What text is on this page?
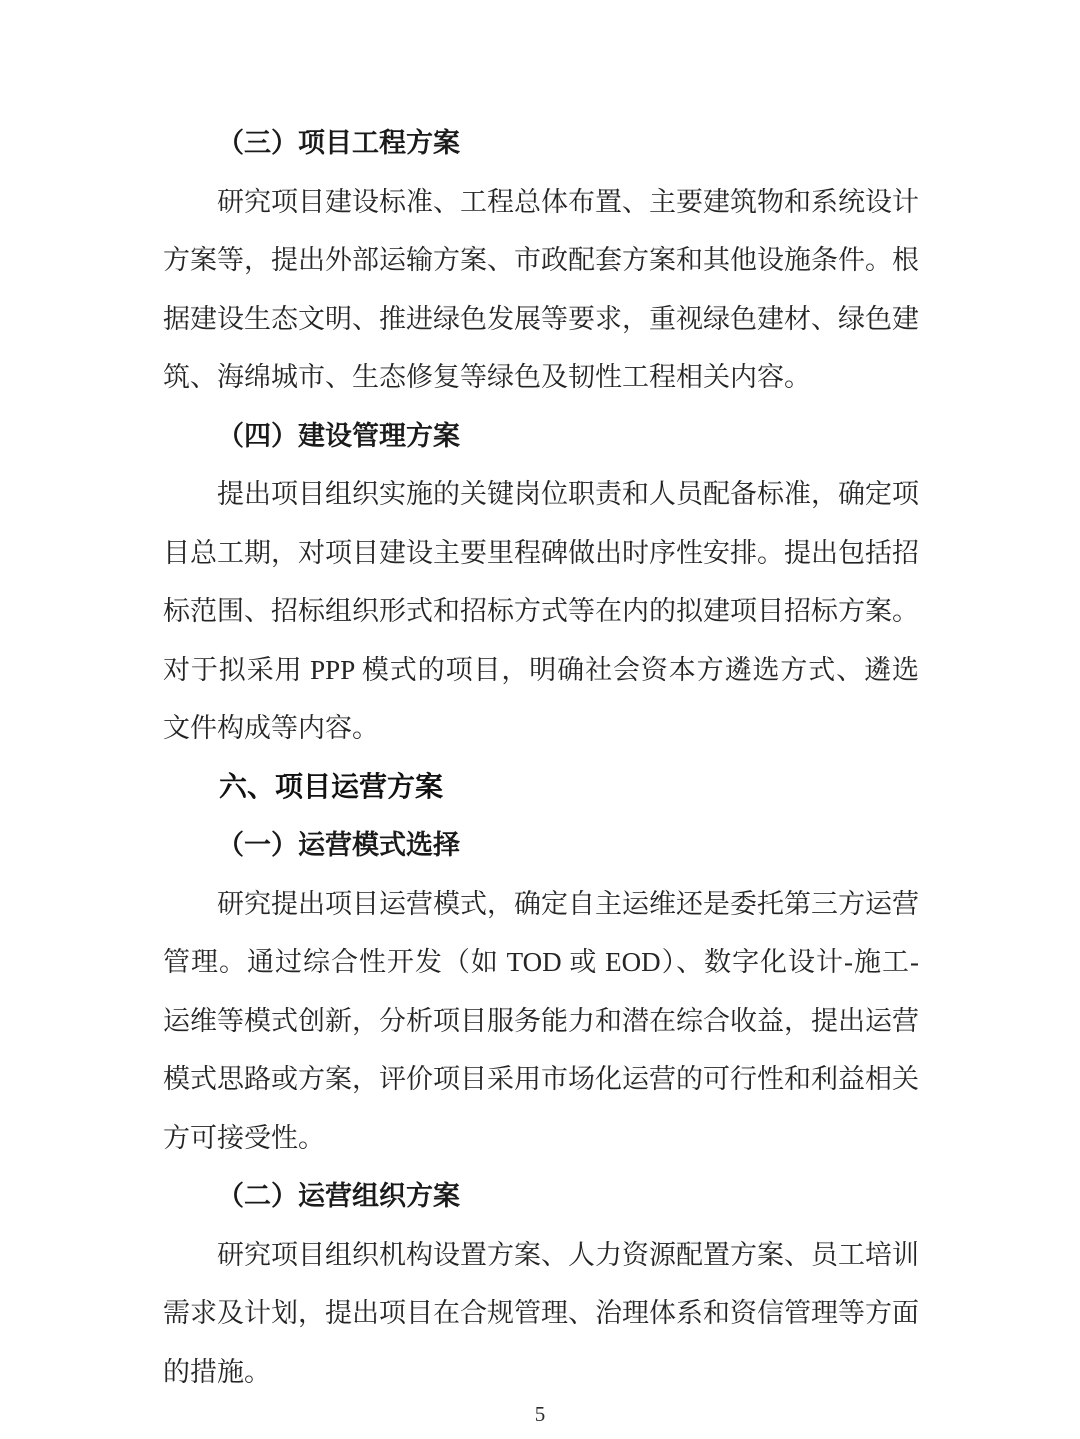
（三）项目工程方案

研究项目建设标准、工程总体布置、主要建筑物和系统设计方案等，提出外部运输方案、市政配套方案和其他设施条件。根据建设生态文明、推进绿色发展等要求，重视绿色建材、绿色建筑、海绵城市、生态修复等绿色及韧性工程相关内容。

（四）建设管理方案

提出项目组织实施的关键岗位职责和人员配备标准，确定项目总工期，对项目建设主要里程碑做出时序性安排。提出包括招标范围、招标组织形式和招标方式等在内的拟建项目招标方案。对于拟采用 PPP 模式的项目，明确社会资本方遴选方式、遴选文件构成等内容。

六、项目运营方案
（一）运营模式选择

研究提出项目运营模式，确定自主运维还是委托第三方运营管理。通过综合性开发（如 TOD 或 EOD）、数字化设计-施工-运维等模式创新，分析项目服务能力和潜在综合收益，提出运营模式思路或方案，评价项目采用市场化运营的可行性和利益相关方可接受性。

（二）运营组织方案

研究项目组织机构设置方案、人力资源配置方案、员工培训需求及计划，提出项目在合规管理、治理体系和资信管理等方面的措施。

5
